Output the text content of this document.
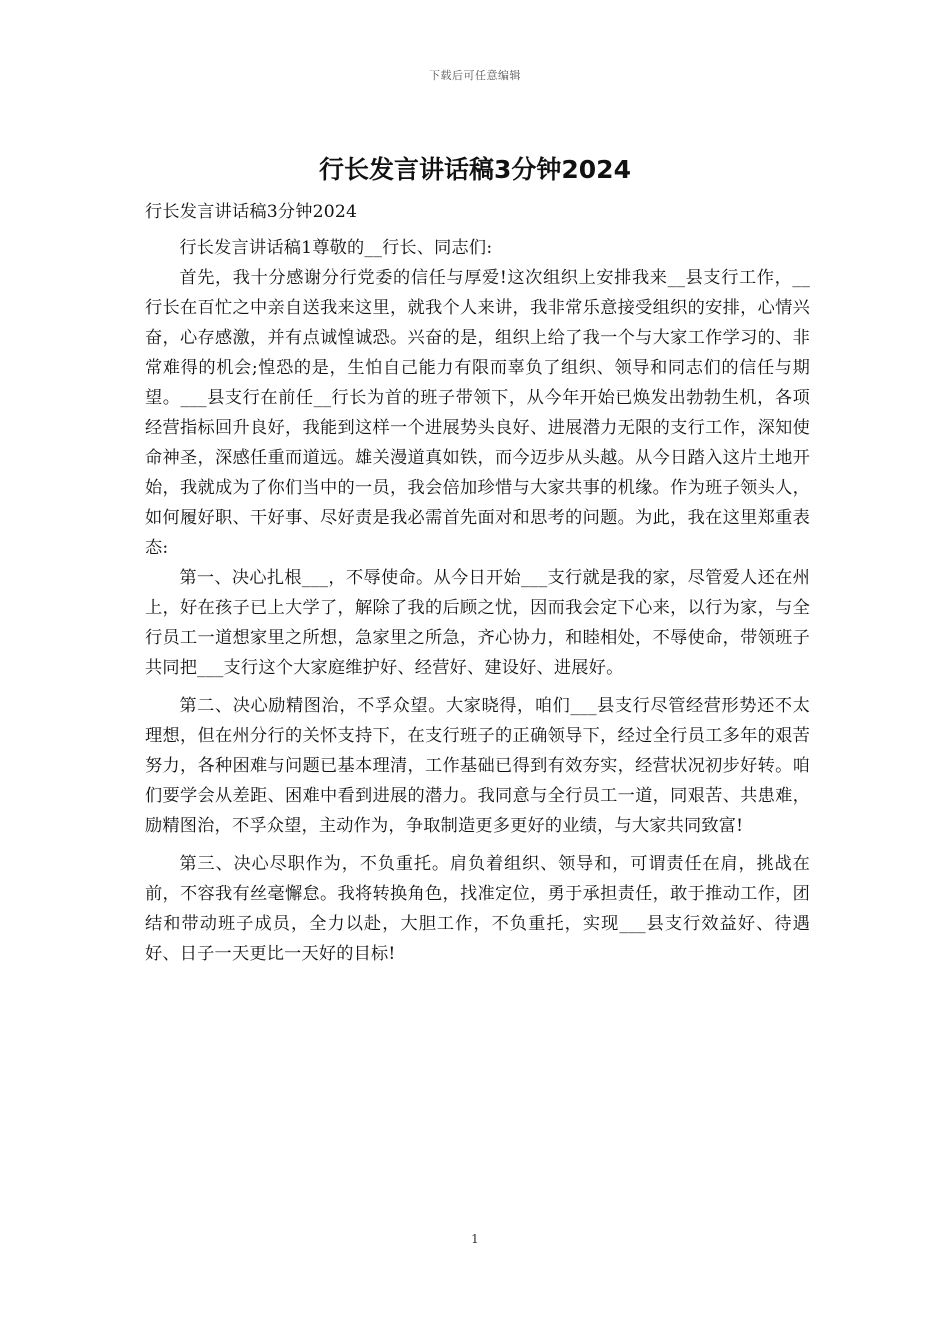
下载后可任意编辑
行长发言讲话稿3分钟2024

行长发言讲话稿3分钟2024

行长发言讲话稿1尊敬的__行长、同志们:

首先，我十分感谢分行党委的信任与厚爱!这次组织上安排我来__县支行工作，__行长在百忙之中亲自送我来这里，就我个人来讲，我非常乐意接受组织的安排，心情兴奋，心存感激，并有点诚惶诚恐。兴奋的是，组织上给了我一个与大家工作学习的、非常难得的机会;惶恐的是，生怕自己能力有限而辜负了组织、领导和同志们的信任与期望。___县支行在前任__行长为首的班子带领下，从今年开始已焕发出勃勃生机，各项经营指标回升良好，我能到这样一个进展势头良好、进展潜力无限的支行工作，深知使命神圣，深感任重而道远。雄关漫道真如铁，而今迈步从头越。从今日踏入这片土地开始，我就成为了你们当中的一员，我会倍加珍惜与大家共事的机缘。作为班子领头人，如何履好职、干好事、尽好责是我必需首先面对和思考的问题。为此，我在这里郑重表态:

第一、决心扎根___，不辱使命。从今日开始___支行就是我的家，尽管爱人还在州上，好在孩子已上大学了，解除了我的后顾之忧，因而我会定下心来，以行为家，与全行员工一道想家里之所想，急家里之所急，齐心协力，和睦相处，不辱使命，带领班子共同把___支行这个大家庭维护好、经营好、建设好、进展好。

第二、决心励精图治，不孚众望。大家晓得，咱们___县支行尽管经营形势还不太理想，但在州分行的关怀支持下，在支行班子的正确领导下，经过全行员工多年的艰苦努力，各种困难与问题已基本理清，工作基础已得到有效夯实，经营状况初步好转。咱们要学会从差距、困难中看到进展的潜力。我同意与全行员工一道，同艰苦、共患难，励精图治，不孚众望，主动作为，争取制造更多更好的业绩，与大家共同致富!

第三、决心尽职作为，不负重托。肩负着组织、领导和，可谓责任在肩，挑战在前，不容我有丝毫懈怠。我将转换角色，找准定位，勇于承担责任，敢于推动工作，团结和带动班子成员，全力以赴，大胆工作，不负重托，实现___县支行效益好、待遇好、日子一天更比一天好的目标!

1
